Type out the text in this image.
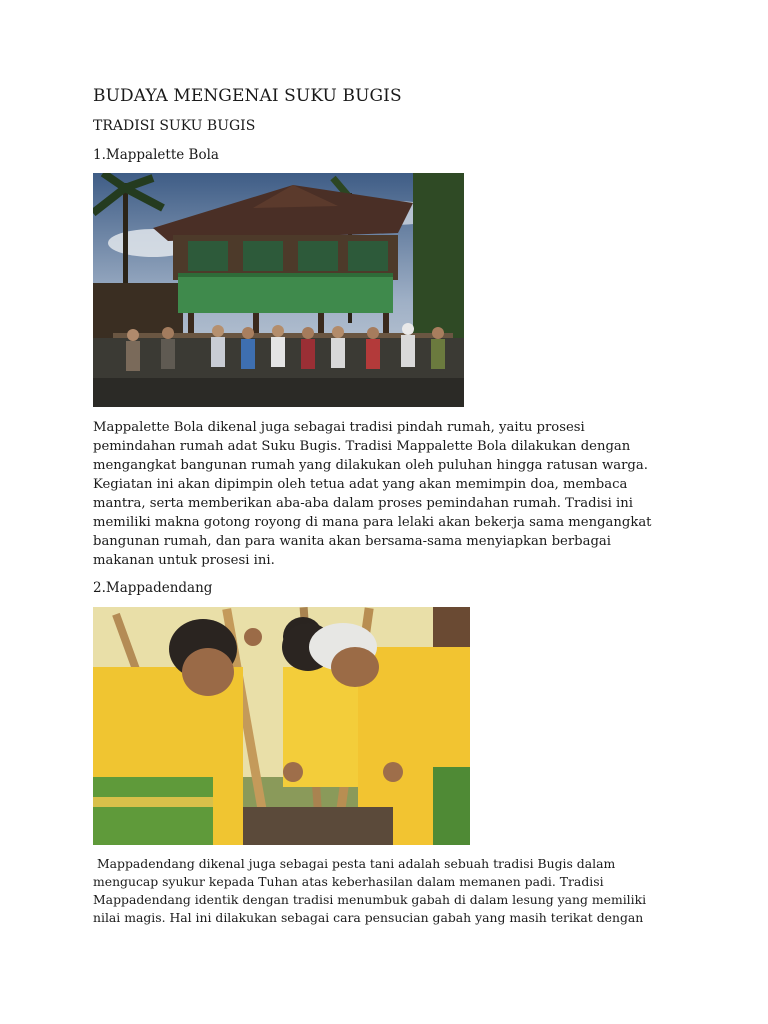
BUDAYA MENGENAI SUKU BUGIS
TRADISI SUKU BUGIS

1.Mappalette Bola

Mappalette Bola dikenal juga sebagai tradisi pindah rumah, yaitu prosesi
pemindahan rumah adat Suku Bugis. Tradisi Mappalette Bola dilakukan dengan
mengangkat bangunan rumah yang dilakukan oleh puluhan hingga ratusan warga.
Kegiatan ini akan dipimpin oleh tetua adat yang akan memimpin doa, membaca
mantra, serta memberikan aba-aba dalam proses pemindahan rumah. Tradisi ini
memiliki makna gotong royong di mana para lelaki akan bekerja sama mengangkat
bangunan rumah, dan para wanita akan bersama-sama menyiapkan berbagai
makanan untuk prosesi ini.

2.Mappadendang

Mappadendang dikenal juga sebagai pesta tani adalah sebuah tradisi Bugis dalam
mengucap syukur kepada Tuhan atas keberhasilan dalam memanen padi. Tradisi
Mappadendang identik dengan tradisi menumbuk gabah di dalam lesung yang memiliki
nilai magis. Hal ini dilakukan sebagai cara pensucian gabah yang masih terikat dengan
